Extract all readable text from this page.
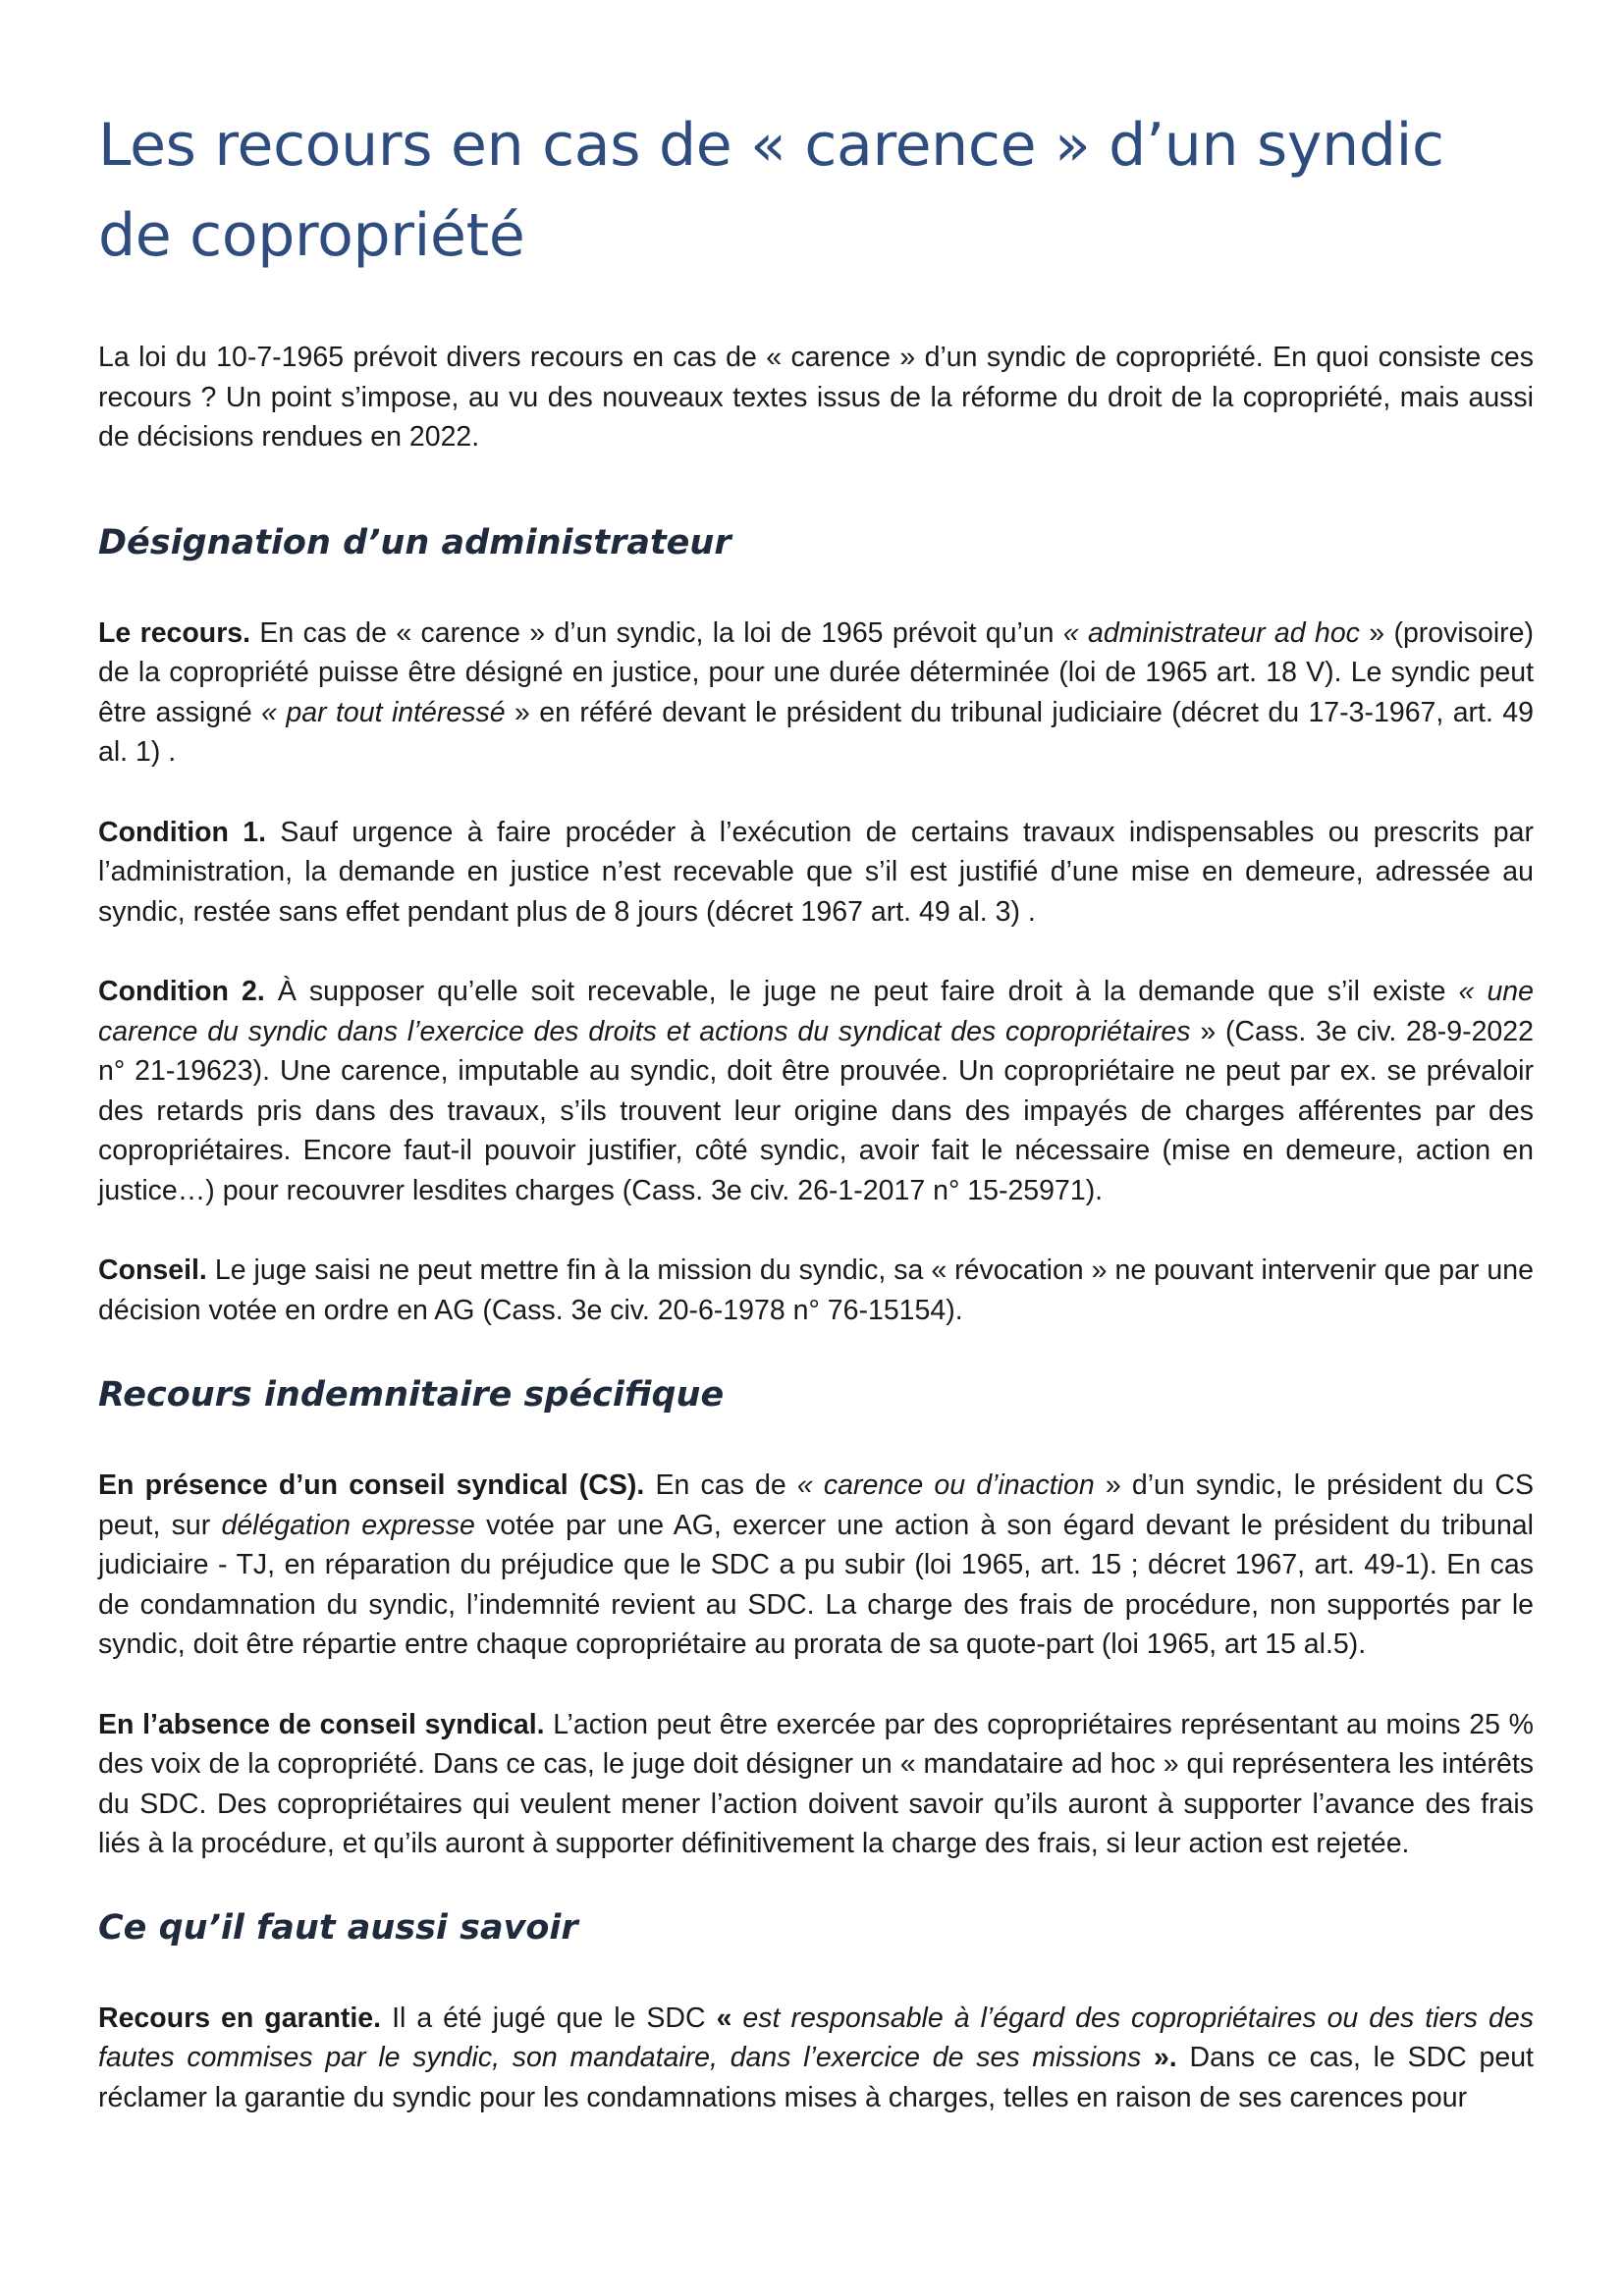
Les recours en cas de « carence » d’un syndic de copropriété

La loi du 10-7-1965 prévoit divers recours en cas de « carence » d’un syndic de copropriété. En quoi consiste ces recours ? Un point s’impose, au vu des nouveaux textes issus de la réforme du droit de la copropriété, mais aussi de décisions rendues en 2022.

Désignation d’un administrateur

Le recours. En cas de « carence » d’un syndic, la loi de 1965 prévoit qu’un « administrateur ad hoc » (provisoire) de la copropriété puisse être désigné en justice, pour une durée déterminée (loi de 1965 art. 18 V). Le syndic peut être assigné « par tout intéressé » en référé devant le président du tribunal judiciaire (décret du 17-3-1967, art. 49 al. 1) .

Condition 1. Sauf urgence à faire procéder à l’exécution de certains travaux indispensables ou prescrits par l’administration, la demande en justice n’est recevable que s’il est justifié d’une mise en demeure, adressée au syndic, restée sans effet pendant plus de 8 jours (décret 1967 art. 49 al. 3) .

Condition 2. À supposer qu’elle soit recevable, le juge ne peut faire droit à la demande que s’il existe « une carence du syndic dans l’exercice des droits et actions du syndicat des copropriétaires » (Cass. 3e civ. 28-9-2022 n° 21-19623). Une carence, imputable au syndic, doit être prouvée. Un copropriétaire ne peut par ex. se prévaloir des retards pris dans des travaux, s’ils trouvent leur origine dans des impayés de charges afférentes par des copropriétaires. Encore faut-il pouvoir justifier, côté syndic, avoir fait le nécessaire (mise en demeure, action en justice…) pour recouvrer lesdites charges (Cass. 3e civ. 26-1-2017 n° 15-25971).

Conseil. Le juge saisi ne peut mettre fin à la mission du syndic, sa « révocation » ne pouvant intervenir que par une décision votée en ordre en AG (Cass. 3e civ. 20-6-1978 n° 76-15154).

Recours indemnitaire spécifique

En présence d’un conseil syndical (CS). En cas de « carence ou d’inaction » d’un syndic, le président du CS peut, sur délégation expresse votée par une AG, exercer une action à son égard devant le président du tribunal judiciaire - TJ, en réparation du préjudice que le SDC a pu subir (loi 1965, art. 15 ; décret 1967, art. 49-1). En cas de condamnation du syndic, l’indemnité revient au SDC. La charge des frais de procédure, non supportés par le syndic, doit être répartie entre chaque copropriétaire au prorata de sa quote-part (loi 1965, art 15 al.5).

En l’absence de conseil syndical. L’action peut être exercée par des copropriétaires représentant au moins 25 % des voix de la copropriété. Dans ce cas, le juge doit désigner un « mandataire ad hoc » qui représentera les intérêts du SDC. Des copropriétaires qui veulent mener l’action doivent savoir qu’ils auront à supporter l’avance des frais liés à la procédure, et qu’ils auront à supporter définitivement la charge des frais, si leur action est rejetée.

Ce qu’il faut aussi savoir

Recours en garantie. Il a été jugé que le SDC « est responsable à l’égard des copropriétaires ou des tiers des fautes commises par le syndic, son mandataire, dans l’exercice de ses missions ». Dans ce cas, le SDC peut réclamer la garantie du syndic pour les condamnations mises à charges, telles en raison de ses carences pour
